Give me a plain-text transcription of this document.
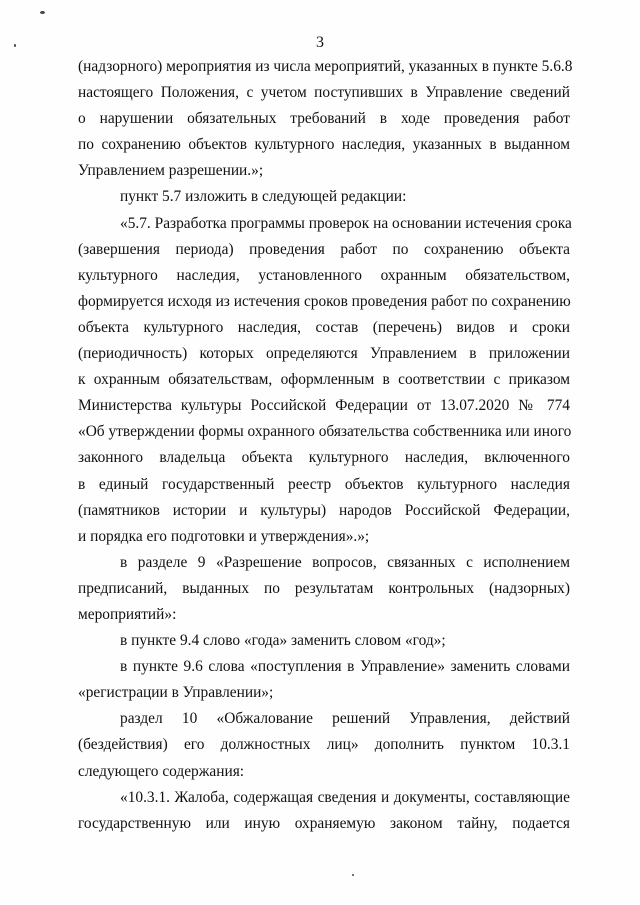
3
(надзорного) мероприятия из числа мероприятий, указанных в пункте 5.6.8
настоящего Положения, с учетом поступивших в Управление сведений
о нарушении обязательных требований в ходе проведения работ
по сохранению объектов культурного наследия, указанных в выданном
Управлением разрешении.»;
пункт 5.7 изложить в следующей редакции:
«5.7. Разработка программы проверок на основании истечения срока
(завершения периода) проведения работ по сохранению объекта
культурного наследия, установленного охранным обязательством,
формируется исходя из истечения сроков проведения работ по сохранению
объекта культурного наследия, состав (перечень) видов и сроки
(периодичность) которых определяются Управлением в приложении
к охранным обязательствам, оформленным в соответствии с приказом
Министерства культуры Российской Федерации от 13.07.2020 № 774
«Об утверждении формы охранного обязательства собственника или иного
законного владельца объекта культурного наследия, включенного
в единый государственный реестр объектов культурного наследия
(памятников истории и культуры) народов Российской Федерации,
и порядка его подготовки и утверждения».»;
в разделе 9 «Разрешение вопросов, связанных с исполнением
предписаний, выданных по результатам контрольных (надзорных)
мероприятий»:
в пункте 9.4 слово «года» заменить словом «год»;
в пункте 9.6 слова «поступления в Управление» заменить словами
«регистрации в Управлении»;
раздел 10 «Обжалование решений Управления, действий
(бездействия) его должностных лиц» дополнить пунктом 10.3.1
следующего содержания:
«10.3.1. Жалоба, содержащая сведения и документы, составляющие
государственную или иную охраняемую законом тайну, подается
